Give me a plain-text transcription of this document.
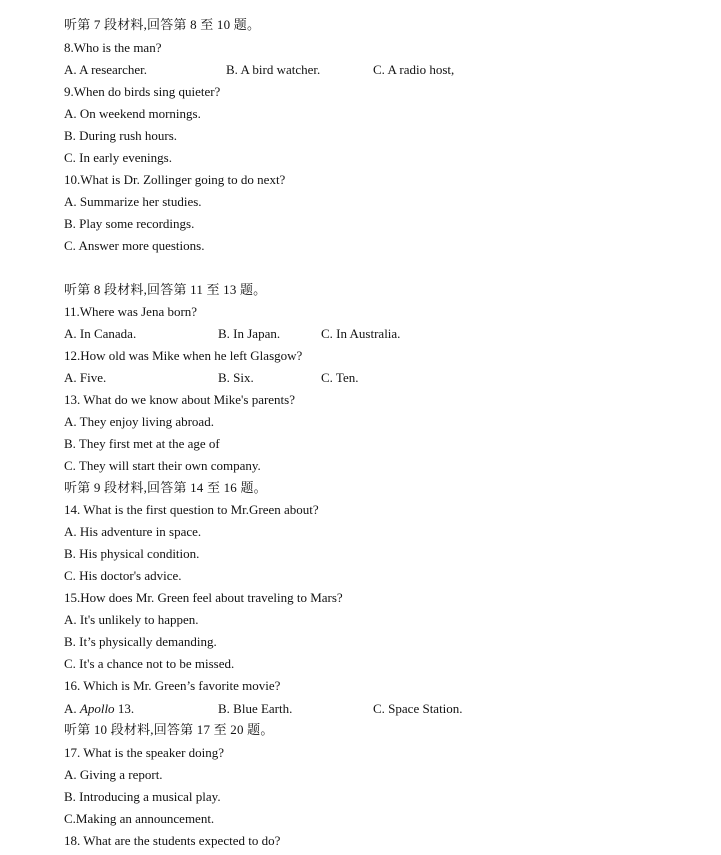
听第 7 段材料,回答第 8 至 10 题。
8.Who is the man?
A. A researcher.	B. A bird watcher.	C. A radio host,
9.When do birds sing quieter?
A. On weekend mornings.
B. During rush hours.
C. In early evenings.
10.What is Dr. Zollinger going to do next?
A. Summarize her studies.
B. Play some recordings.
C. Answer more questions.
听第 8 段材料,回答第 11 至 13 题。
11.Where was Jena born?
A. In Canada.	B. In Japan.	C. In Australia.
12.How old was Mike when he left Glasgow?
A. Five.	B. Six.	C. Ten.
13. What do we know about Mike's parents?
A. They enjoy living abroad.
B. They first met at the age of
C. They will start their own company.
听第 9 段材料,回答第 14 至 16 题。
14. What is the first question to Mr.Green about?
A. His adventure in space.
B. His physical condition.
C. His doctor's advice.
15.How does Mr. Green feel about traveling to Mars?
A. It's unlikely to happen.
B. It’s physically demanding.
C. It's a chance not to be missed.
16. Which is Mr. Green’s favorite movie?
A. Apollo 13.	B. Blue Earth.	C. Space Station.
听第 10 段材料,回答第 17 至 20 题。
17. What is the speaker doing?
A. Giving a report.
B. Introducing a musical play.
C.Making an announcement.
18. What are the students expected to do?
